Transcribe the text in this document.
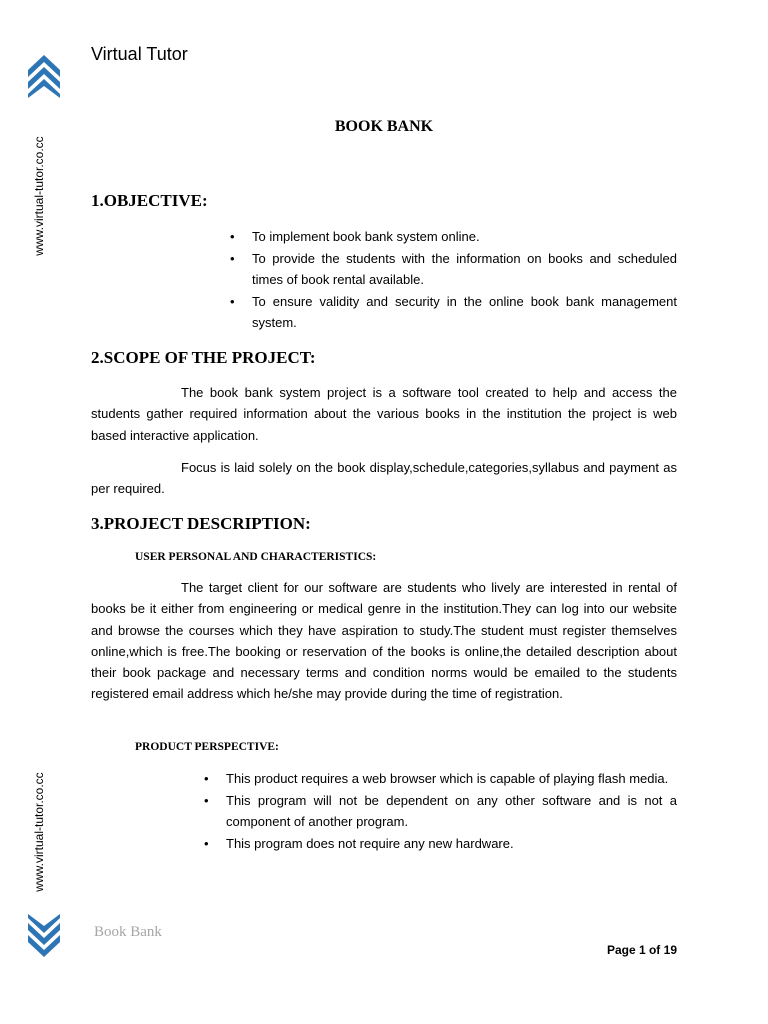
www.virtual-tutor.co.cc
Virtual Tutor
BOOK BANK
1.OBJECTIVE:
• To implement book bank system online.
• To provide the students with the information on books and scheduled times of book rental available.
• To ensure validity and security in the online book bank management system.
2.SCOPE OF THE PROJECT:

The book bank system project is a software tool created to help and access the students gather required information about the various books in the institution the project is web based interactive application.

Focus is laid solely on the book display,schedule,categories,syllabus and payment as per required.

3.PROJECT DESCRIPTION:
USER PERSONAL AND CHARACTERISTICS:

The target client for our software are students who lively are interested in rental of books be it either from engineering or medical genre in the institution.They can log into our website and browse the courses which they have aspiration to study.The student must register themselves online,which is free.The booking or reservation of the books is online,the detailed description about their book package and necessary terms and condition norms would be emailed to the students registered email address which he/she may provide during the time of registration.

PRODUCT PERSPECTIVE:
• This product requires a web browser which is capable of playing flash media.
• This program will not be dependent on any other software and is not a component of another program.
• This program does not require any new hardware.
www.virtual-tutor.co.cc
Book Bank
Page 1 of 19
